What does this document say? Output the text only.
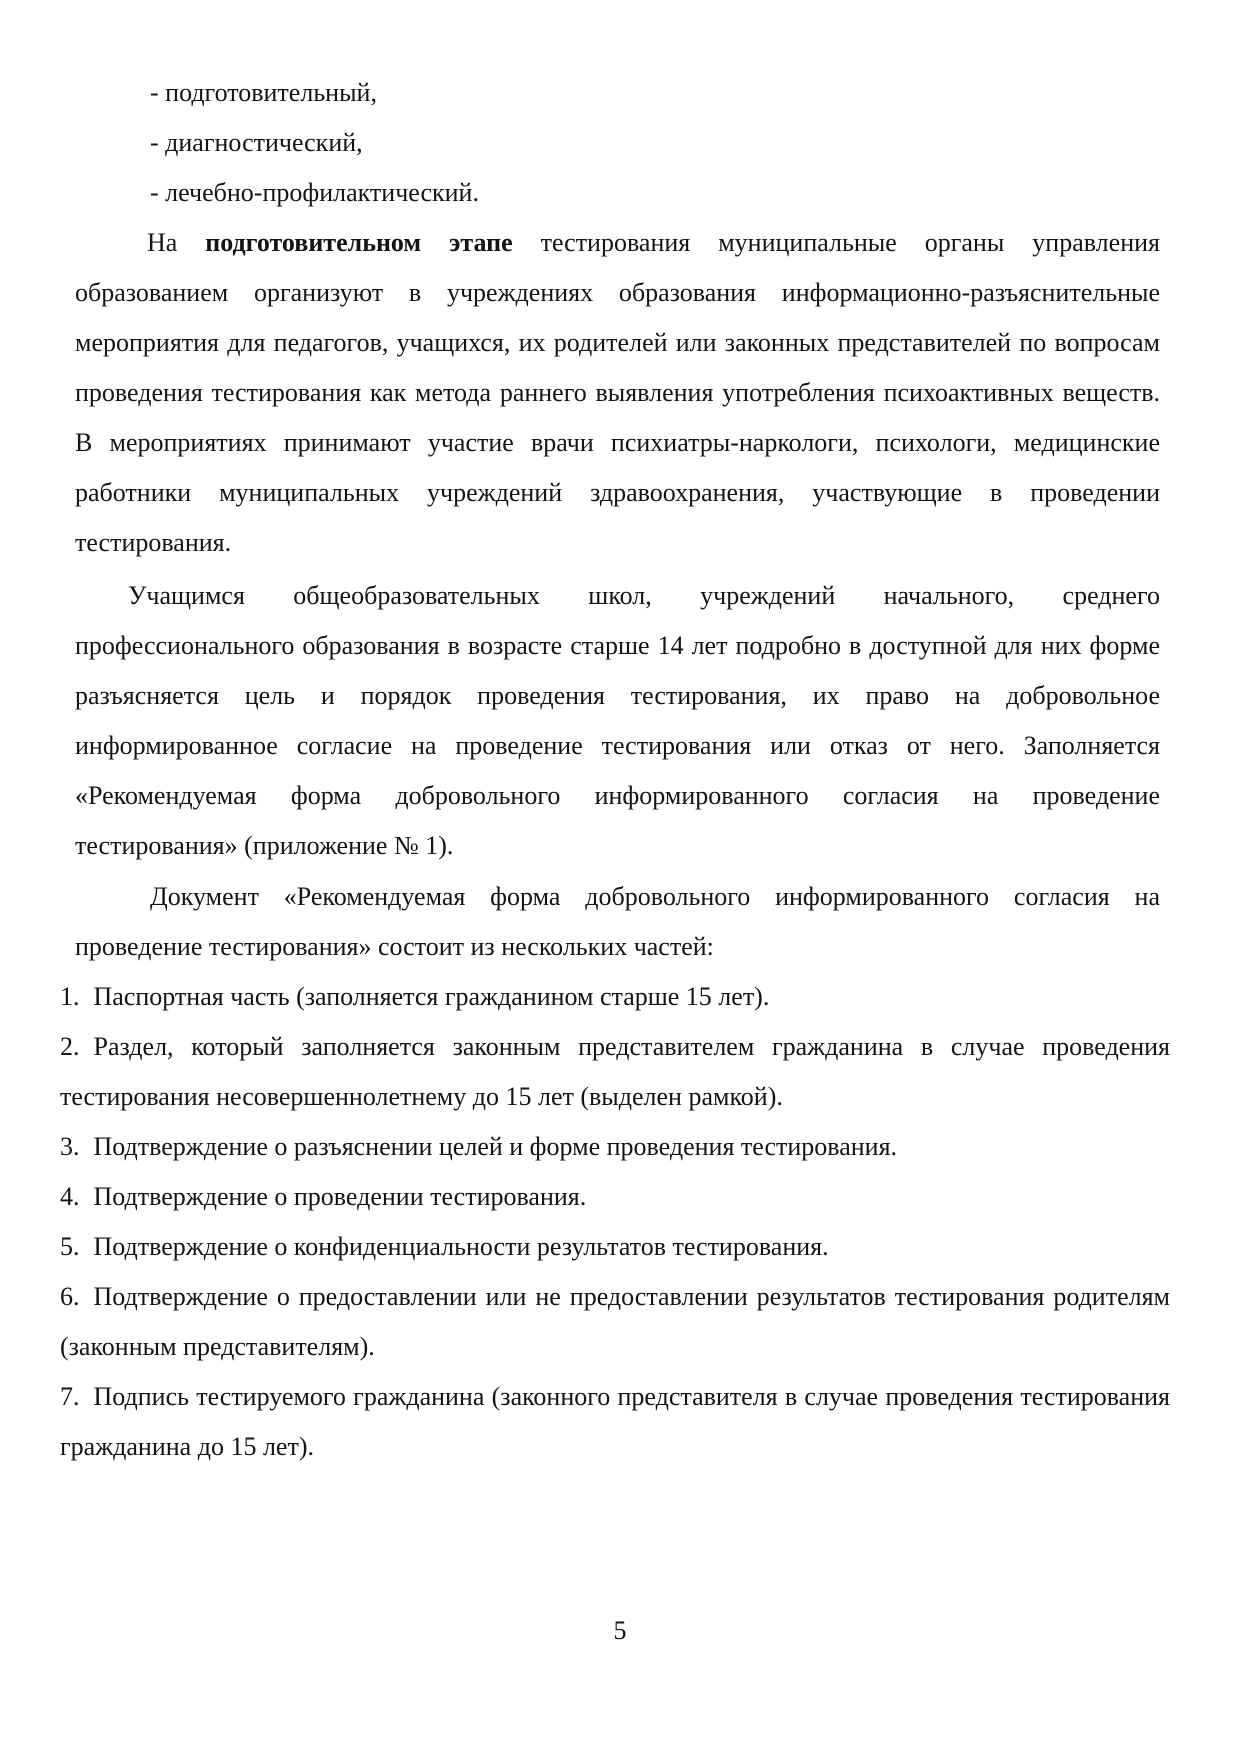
- подготовительный,
- диагностический,
- лечебно-профилактический.

На подготовительном этапе тестирования муниципальные органы управления образованием организуют в учреждениях образования информационно-разъяснительные мероприятия для педагогов, учащихся, их родителей или законных представителей по вопросам проведения тестирования как метода раннего выявления употребления психоактивных веществ. В мероприятиях принимают участие врачи психиатры-наркологи, психологи, медицинские работники муниципальных учреждений здравоохранения, участвующие в проведении тестирования.

Учащимся общеобразовательных школ, учреждений начального, среднего профессионального образования в возрасте старше 14 лет подробно в доступной для них форме разъясняется цель и порядок проведения тестирования, их право на добровольное информированное согласие на проведение тестирования или отказ от него. Заполняется «Рекомендуемая форма добровольного информированного согласия на проведение тестирования» (приложение № 1).

Документ «Рекомендуемая форма добровольного информированного согласия на проведение тестирования» состоит из нескольких частей:

1. Паспортная часть (заполняется гражданином старше 15 лет).
2. Раздел, который заполняется законным представителем гражданина в случае проведения тестирования несовершеннолетнему до 15 лет (выделен рамкой).
3. Подтверждение о разъяснении целей и форме проведения тестирования.
4. Подтверждение о проведении тестирования.
5. Подтверждение о конфиденциальности результатов тестирования.
6. Подтверждение о предоставлении или не предоставлении результатов тестирования родителям (законным представителям).
7. Подпись тестируемого гражданина (законного представителя в случае проведения тестирования гражданина до 15 лет).
5
